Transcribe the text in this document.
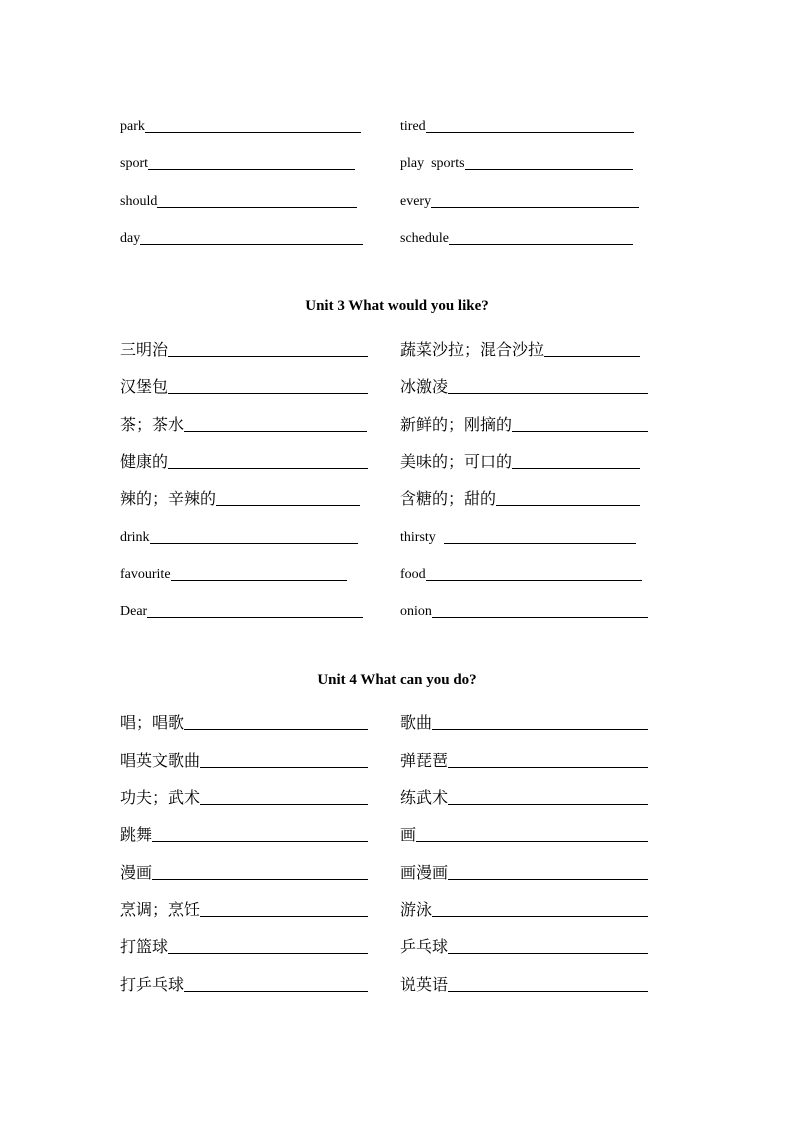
park	tired
sport	play  sports
should	every
day	schedule
Unit 3 What would you like?
三明治	蔬菜沙拉；混合沙拉
汉堡包	冰激凌
茶；茶水	新鲜的；刚摘的
健康的	美味的；可口的
辣的；辛辣的	含糖的；甜的
drink	thirsty
favourite	food
Dear	onion
Unit 4 What can you do?
唱；唱歌	歌曲
唱英文歌曲	弹琵琶
功夫；武术	练武术
跳舞	画
漫画	画漫画
烹调；烹饪	游泳
打篮球	乒乓球
打乒乓球	说英语
